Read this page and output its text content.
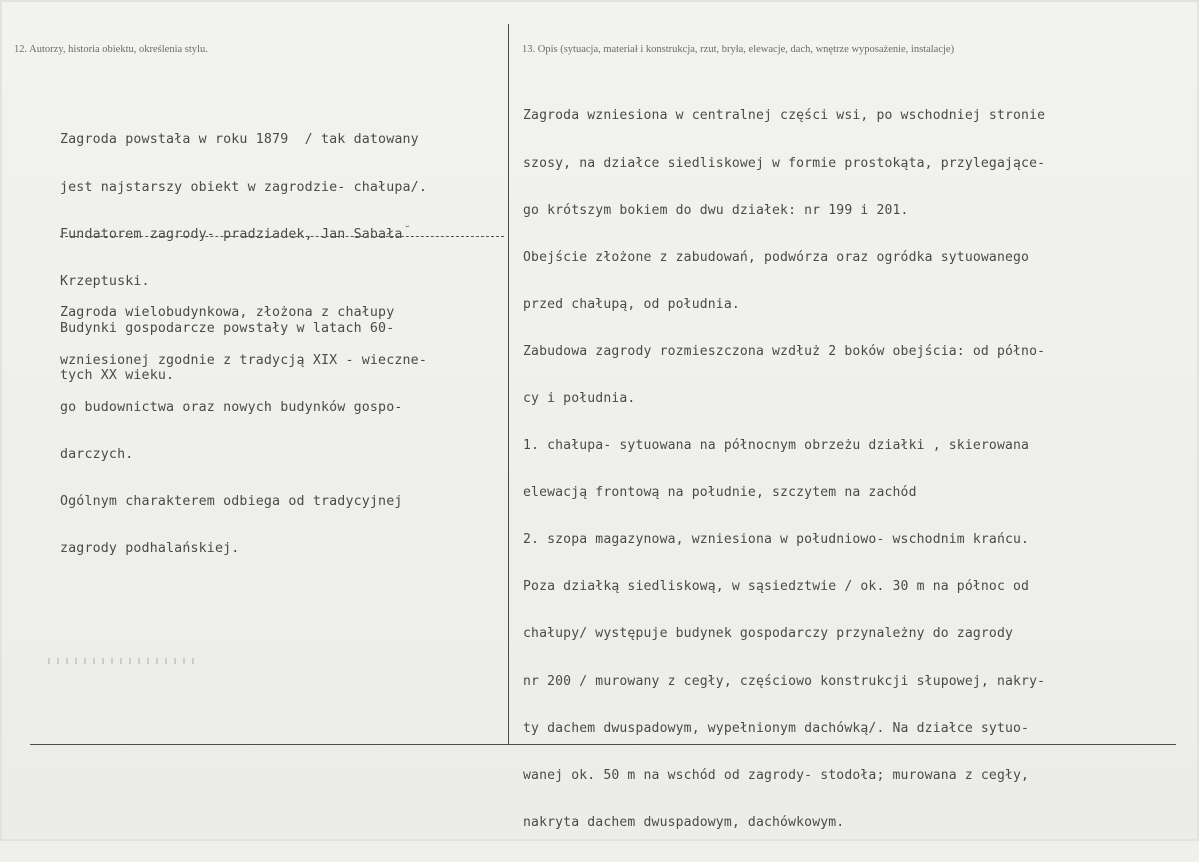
12. Autorzy, historia obiektu, określenia stylu.	13. Opis (sytuacja, materiał i konstrukcja, rzut, bryła, elewacje, dach, wnętrze wyposażenie, instalacje)

Zagroda powstała w roku 1879  / tak datowany

jest najstarszy obiekt w zagrodzie- chałupa/.

Fundatorem zagrody- pradziadek, Jan Sabała

Krzeptuski.

Budynki gospodarcze powstały w latach 60-

tych XX wieku.

˘

Zagroda wielobudynkowa, złożona z chałupy

wzniesionej zgodnie z tradycją XIX - wieczne-

go budownictwa oraz nowych budynków gospo-

darczych.

Ogólnym charakterem odbiega od tradycyjnej

zagrody podhalańskiej.

Zagroda wzniesiona w centralnej części wsi, po wschodniej stronie

szosy, na działce siedliskowej w formie prostokąta, przylegające-

go krótszym bokiem do dwu działek: nr 199 i 201.

Obejście złożone z zabudowań, podwórza oraz ogródka sytuowanego

przed chałupą, od południa.

Zabudowa zagrody rozmieszczona wzdłuż 2 boków obejścia: od półno-

cy i południa.

1. chałupa- sytuowana na północnym obrzeżu działki , skierowana

elewacją frontową na południe, szczytem na zachód

2. szopa magazynowa, wzniesiona w południowo- wschodnim krańcu.

Poza działką siedliskową, w sąsiedztwie / ok. 30 m na północ od

chałupy/ występuje budynek gospodarczy przynależny do zagrody

nr 200 / murowany z cegły, częściowo konstrukcji słupowej, nakry-

ty dachem dwuspadowym, wypełnionym dachówką/. Na działce sytuo-

wanej ok. 50 m na wschód od zagrody- stodoła; murowana z cegły,

nakryta dachem dwuspadowym, dachówkowym.
